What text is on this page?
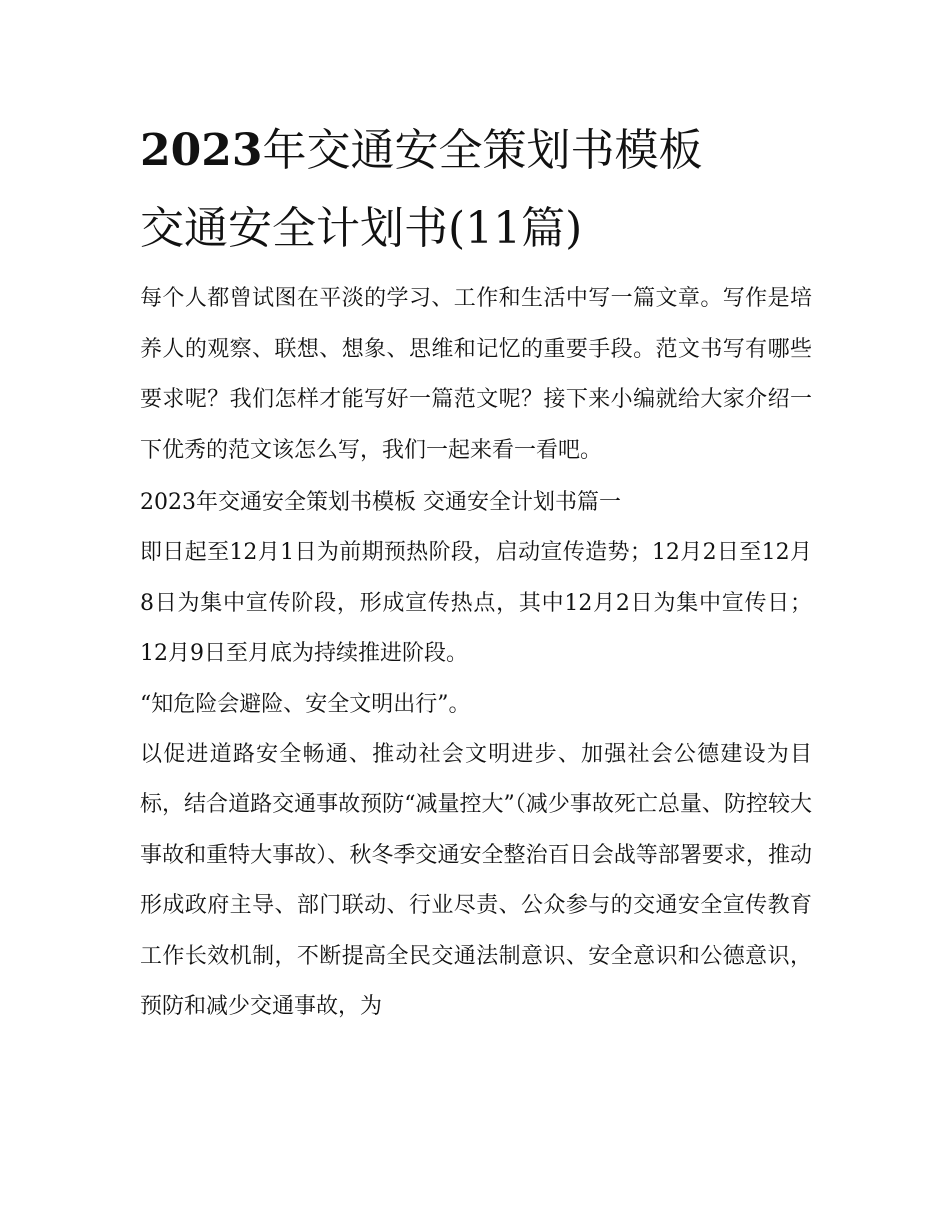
2023年交通安全策划书模板
交通安全计划书(11篇)

每个人都曾试图在平淡的学习、工作和生活中写一篇文章。写作是培养人的观察、联想、想象、思维和记忆的重要手段。范文书写有哪些要求呢？我们怎样才能写好一篇范文呢？接下来小编就给大家介绍一下优秀的范文该怎么写，我们一起来看一看吧。

2023年交通安全策划书模板 交通安全计划书篇一

即日起至12月1日为前期预热阶段，启动宣传造势；12月2日至12月8日为集中宣传阶段，形成宣传热点，其中12月2日为集中宣传日；12月9日至月底为持续推进阶段。

“知危险会避险、安全文明出行”。

以促进道路安全畅通、推动社会文明进步、加强社会公德建设为目标，结合道路交通事故预防“减量控大”（减少事故死亡总量、防控较大事故和重特大事故）、秋冬季交通安全整治百日会战等部署要求，推动形成政府主导、部门联动、行业尽责、公众参与的交通安全宣传教育工作长效机制，不断提高全民交通法制意识、安全意识和公德意识，预防和减少交通事故，为
